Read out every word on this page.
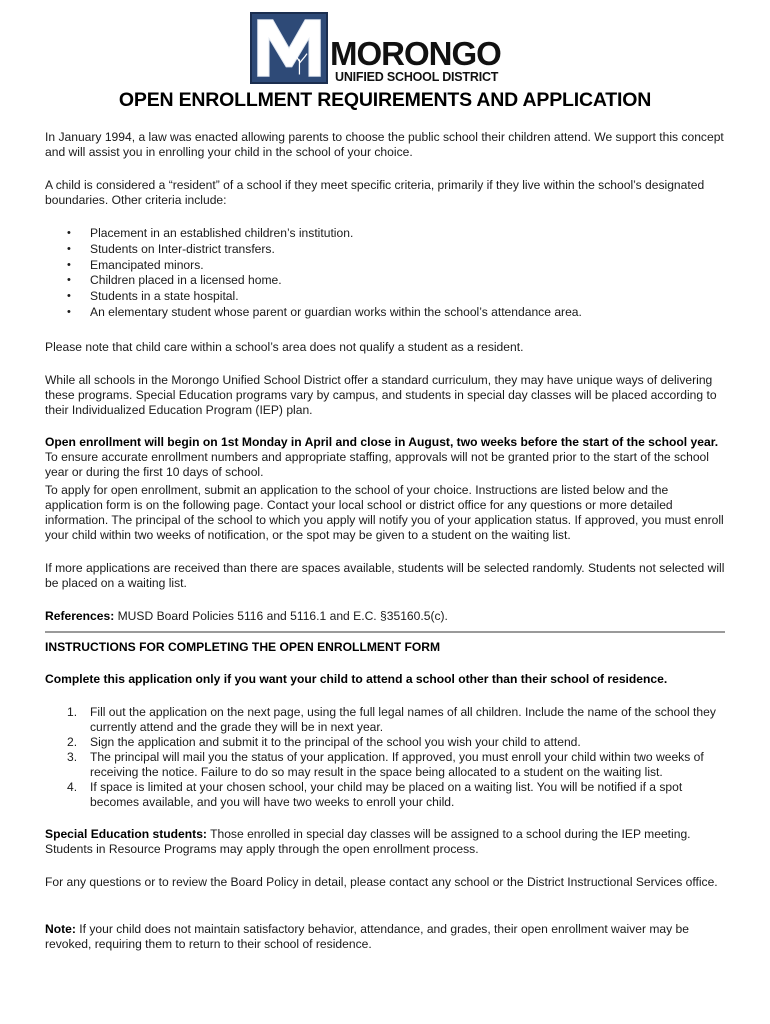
MORONGO
UNIFIED SCHOOL DISTRICT
OPEN ENROLLMENT REQUIREMENTS AND APPLICATION

In January 1994, a law was enacted allowing parents to choose the public school their children attend. We support this concept and will assist you in enrolling your child in the school of your choice.

A child is considered a “resident” of a school if they meet specific criteria, primarily if they live within the school’s designated boundaries. Other criteria include:

• Placement in an established children’s institution.
• Students on Inter-district transfers.
• Emancipated minors.
• Children placed in a licensed home.
• Students in a state hospital.
• An elementary student whose parent or guardian works within the school’s attendance area.

Please note that child care within a school’s area does not qualify a student as a resident.

While all schools in the Morongo Unified School District offer a standard curriculum, they may have unique ways of delivering these programs. Special Education programs vary by campus, and students in special day classes will be placed according to their Individualized Education Program (IEP) plan.

Open enrollment will begin on 1st Monday in April and close in August, two weeks before the start of the school year. To ensure accurate enrollment numbers and appropriate staffing, approvals will not be granted prior to the start of the school year or during the first 10 days of school.

To apply for open enrollment, submit an application to the school of your choice. Instructions are listed below and the application form is on the following page. Contact your local school or district office for any questions or more detailed information. The principal of the school to which you apply will notify you of your application status. If approved, you must enroll your child within two weeks of notification, or the spot may be given to a student on the waiting list.

If more applications are received than there are spaces available, students will be selected randomly. Students not selected will be placed on a waiting list.

References: MUSD Board Policies 5116 and 5116.1 and E.C. §35160.5(c).

INSTRUCTIONS FOR COMPLETING THE OPEN ENROLLMENT FORM

Complete this application only if you want your child to attend a school other than their school of residence.

1. Fill out the application on the next page, using the full legal names of all children. Include the name of the school they currently attend and the grade they will be in next year.
2. Sign the application and submit it to the principal of the school you wish your child to attend.
3. The principal will mail you the status of your application. If approved, you must enroll your child within two weeks of receiving the notice. Failure to do so may result in the space being allocated to a student on the waiting list.
4. If space is limited at your chosen school, your child may be placed on a waiting list. You will be notified if a spot becomes available, and you will have two weeks to enroll your child.

Special Education students: Those enrolled in special day classes will be assigned to a school during the IEP meeting. Students in Resource Programs may apply through the open enrollment process.

For any questions or to review the Board Policy in detail, please contact any school or the District Instructional Services office.

Note: If your child does not maintain satisfactory behavior, attendance, and grades, their open enrollment waiver may be revoked, requiring them to return to their school of residence.
